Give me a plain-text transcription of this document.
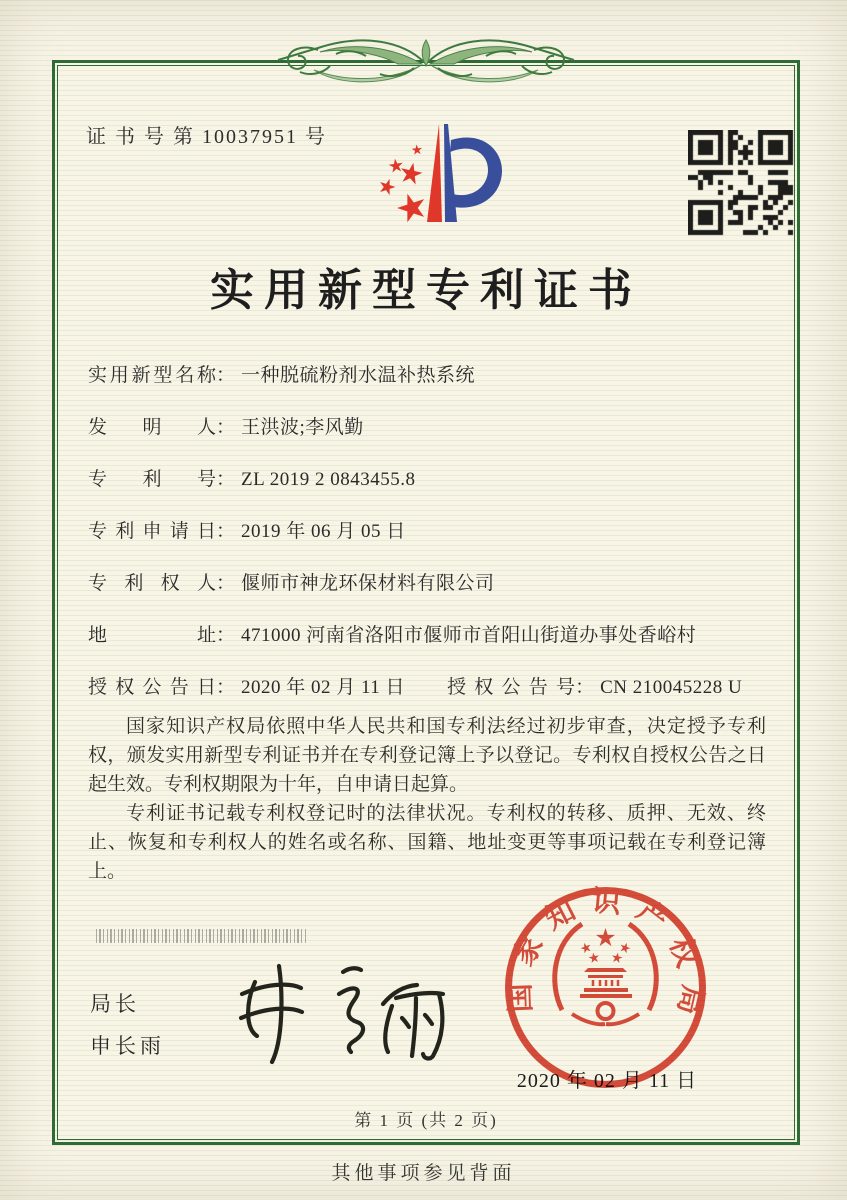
证 书 号 第 10037951 号
实用新型专利证书
实用新型名称： 一种脱硫粉剂水温补热系统
发明人： 王洪波;李风勤
专利号： ZL 2019 2 0843455.8
专利申请日： 2019 年 06 月 05 日
专利权人： 偃师市神龙环保材料有限公司
地址： 471000 河南省洛阳市偃师市首阳山街道办事处香峪村
授权公告日： 2020 年 02 月 11 日 授权公告号： CN 210045228 U

国家知识产权局依照中华人民共和国专利法经过初步审查，决定授予专利权，颁发实用新型专利证书并在专利登记簿上予以登记。专利权自授权公告之日起生效。专利权期限为十年，自申请日起算。

专利证书记载专利权登记时的法律状况。专利权的转移、质押、无效、终止、恢复和专利权人的姓名或名称、国籍、地址变更等事项记载在专利登记簿上。

局长
申长雨
2020 年 02 月 11 日
国家知识产权局
第 1 页 (共 2 页)
其他事项参见背面
